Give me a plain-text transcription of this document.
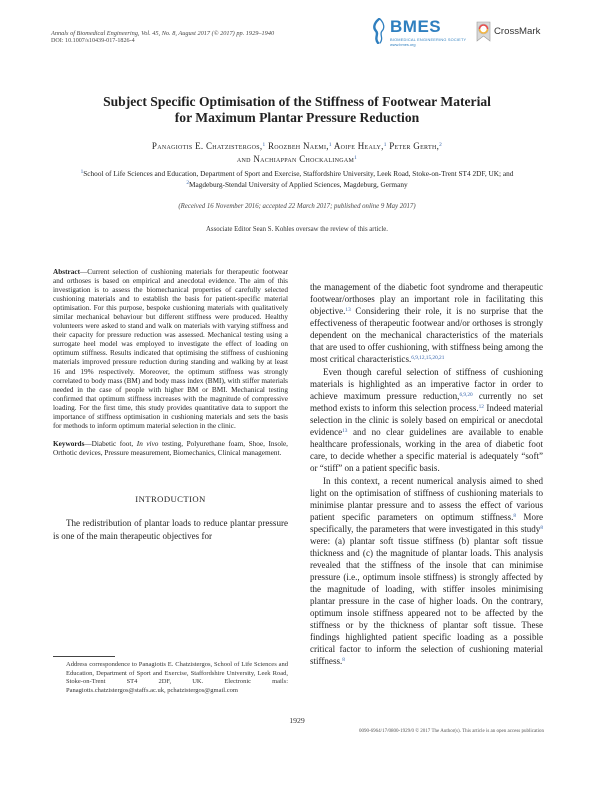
Annals of Biomedical Engineering, Vol. 45, No. 8, August 2017 (© 2017) pp. 1929–1940
DOI: 10.1007/s10439-017-1826-4
BMES
BIOMEDICAL ENGINEERING SOCIETY
www.bmes.org
CrossMark
Subject Specific Optimisation of the Stiffness of Footwear Material
for Maximum Plantar Pressure Reduction
Panagiotis E. Chatzistergos,$^1$ Roozbeh Naemi,$^1$ Aoife Healy,$^1$ Peter Gerth,$^2$
and Nachiappan Chockalingam$^1$
$^1$School of Life Sciences and Education, Department of Sport and Exercise, Staffordshire University, Leek Road, Stoke-on-Trent ST4 2DF, UK; and $^2$Magdeburg-Stendal University of Applied Sciences, Magdeburg, Germany
(Received 16 November 2016; accepted 22 March 2017; published online 9 May 2017)
Associate Editor Sean S. Kohles oversaw the review of this article.

Abstract—Current selection of cushioning materials for therapeutic footwear and orthoses is based on empirical and anecdotal evidence. The aim of this investigation is to assess the biomechanical properties of carefully selected cushioning materials and to establish the basis for patient-specific material optimisation. For this purpose, bespoke cushioning materials with qualitatively similar mechanical behaviour but different stiffness were produced. Healthy volunteers were asked to stand and walk on materials with varying stiffness and their capacity for pressure reduction was assessed. Mechanical testing using a surrogate heel model was employed to investigate the effect of loading on optimum stiffness. Results indicated that optimising the stiffness of cushioning materials improved pressure reduction during standing and walking by at least 16 and 19% respectively. Moreover, the optimum stiffness was strongly correlated to body mass (BM) and body mass index (BMI), with stiffer materials needed in the case of people with higher BM or BMI. Mechanical testing confirmed that optimum stiffness increases with the magnitude of compressive loading. For the first time, this study provides quantitative data to support the importance of stiffness optimisation in cushioning materials and sets the basis for methods to inform optimum material selection in the clinic.

Keywords—Diabetic foot, In vivo testing, Polyurethane foam, Shoe, Insole, Orthotic devices, Pressure measurement, Biomechanics, Clinical management.

INTRODUCTION

The redistribution of plantar loads to reduce plantar pressure is one of the main therapeutic objectives for

Address correspondence to Panagiotis E. Chatzistergos, School of Life Sciences and Education, Department of Sport and Exercise, Staffordshire University, Leek Road, Stoke-on-Trent ST4 2DF, UK. Electronic mails: Panagiotis.chatzistergos@staffs.ac.uk, pchatzistergos@gmail.com

the management of the diabetic foot syndrome and therapeutic footwear/orthoses play an important role in facilitating this objective.$^{13}$ Considering their role, it is no surprise that the effectiveness of therapeutic footwear and/or orthoses is strongly dependent on the mechanical characteristics of the materials that are used to offer cushioning, with stiffness being among the most critical characteristics.$^{6,9,12,15,20,21}$

Even though careful selection of stiffness of cushioning materials is highlighted as an imperative factor in order to achieve maximum pressure reduction,$^{6,9,20}$ currently no set method exists to inform this selection process.$^{12}$ Indeed material selection in the clinic is solely based on empirical or anecdotal evidence$^{13}$ and no clear guidelines are available to enable healthcare professionals, working in the area of diabetic foot care, to decide whether a specific material is adequately “soft” or “stiff” on a patient specific basis.

In this context, a recent numerical analysis aimed to shed light on the optimisation of stiffness of cushioning materials to minimise plantar pressure and to assess the effect of various patient specific parameters on optimum stiffness.$^8$ More specifically, the parameters that were investigated in this study$^8$ were: (a) plantar soft tissue stiffness (b) plantar soft tissue thickness and (c) the magnitude of plantar loads. This analysis revealed that the stiffness of the insole that can minimise pressure (i.e., optimum insole stiffness) is strongly affected by the magnitude of loading, with stiffer insoles minimising plantar pressure in the case of higher loads. On the contrary, optimum insole stiffness appeared not to be affected by the stiffness or by the thickness of plantar soft tissue. These findings highlighted patient specific loading as a possible critical factor to inform the selection of cushioning material stiffness.$^8$

1929
0090-6964/17/0800-1929/0 © 2017 The Author(s). This article is an open access publication
